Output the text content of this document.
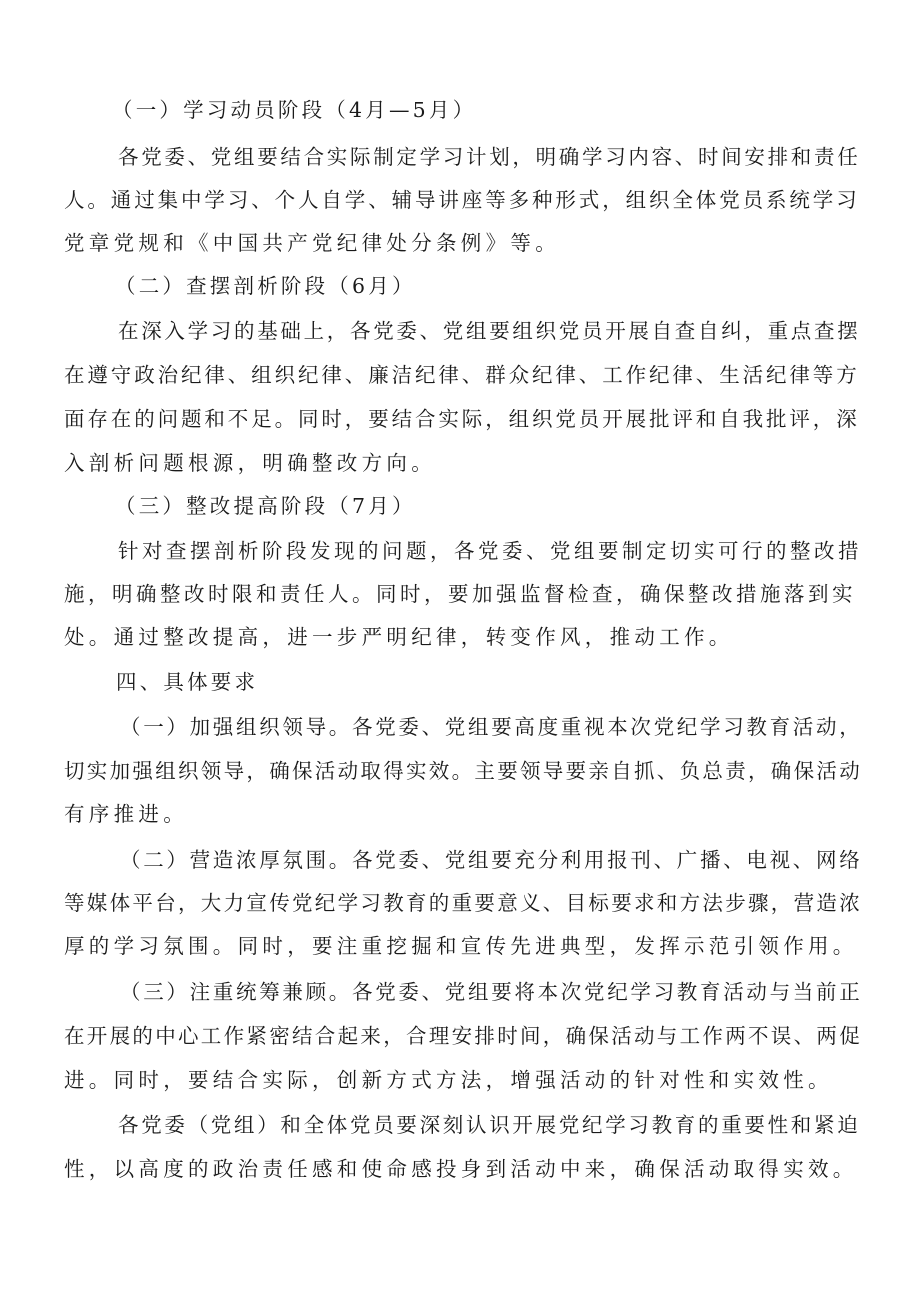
（一）学习动员阶段（4月—5月）
各党委、党组要结合实际制定学习计划，明确学习内容、时间安排和责任
人。通过集中学习、个人自学、辅导讲座等多种形式，组织全体党员系统学习
党章党规和《中国共产党纪律处分条例》等。
（二）查摆剖析阶段（6月）
在深入学习的基础上，各党委、党组要组织党员开展自查自纠，重点查摆
在遵守政治纪律、组织纪律、廉洁纪律、群众纪律、工作纪律、生活纪律等方
面存在的问题和不足。同时，要结合实际，组织党员开展批评和自我批评，深
入剖析问题根源，明确整改方向。
（三）整改提高阶段（7月）
针对查摆剖析阶段发现的问题，各党委、党组要制定切实可行的整改措
施，明确整改时限和责任人。同时，要加强监督检查，确保整改措施落到实
处。通过整改提高，进一步严明纪律，转变作风，推动工作。
四、具体要求
（一）加强组织领导。各党委、党组要高度重视本次党纪学习教育活动，
切实加强组织领导，确保活动取得实效。主要领导要亲自抓、负总责，确保活动
有序推进。
（二）营造浓厚氛围。各党委、党组要充分利用报刊、广播、电视、网络
等媒体平台，大力宣传党纪学习教育的重要意义、目标要求和方法步骤，营造浓
厚的学习氛围。同时，要注重挖掘和宣传先进典型，发挥示范引领作用。
（三）注重统筹兼顾。各党委、党组要将本次党纪学习教育活动与当前正
在开展的中心工作紧密结合起来，合理安排时间，确保活动与工作两不误、两促
进。同时，要结合实际，创新方式方法，增强活动的针对性和实效性。
各党委（党组）和全体党员要深刻认识开展党纪学习教育的重要性和紧迫
性，以高度的政治责任感和使命感投身到活动中来，确保活动取得实效。
